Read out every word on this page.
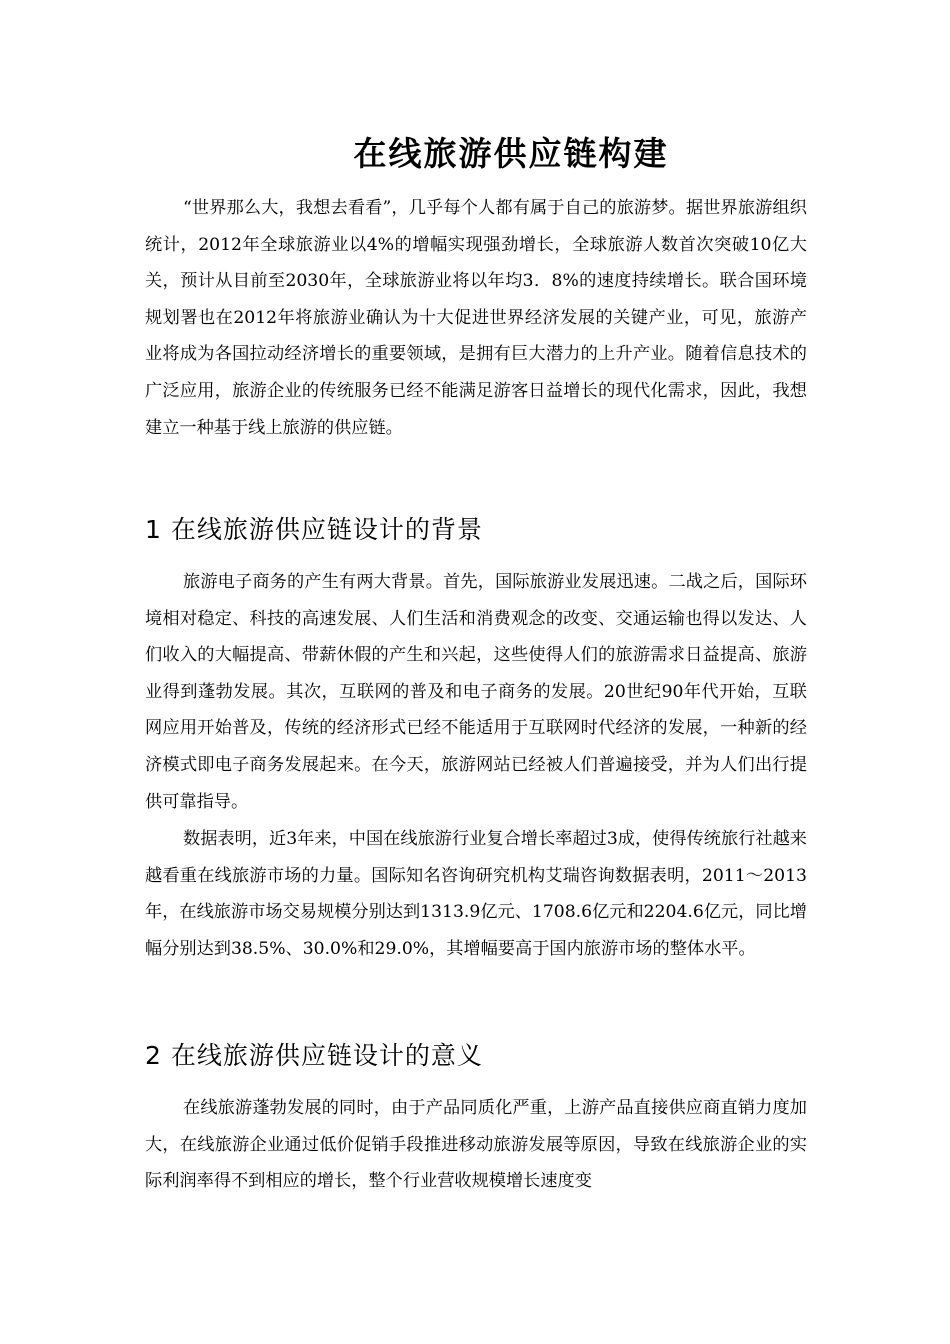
在线旅游供应链构建

“世界那么大，我想去看看”，几乎每个人都有属于自己的旅游梦。据世界旅游组织统计，2012年全球旅游业以4%的增幅实现强劲增长，全球旅游人数首次突破10亿大关，预计从目前至2030年，全球旅游业将以年均3．8%的速度持续增长。联合国环境规划署也在2012年将旅游业确认为十大促进世界经济发展的关键产业，可见，旅游产业将成为各国拉动经济增长的重要领域，是拥有巨大潜力的上升产业。随着信息技术的广泛应用，旅游企业的传统服务已经不能满足游客日益增长的现代化需求，因此，我想建立一种基于线上旅游的供应链。

1 在线旅游供应链设计的背景

旅游电子商务的产生有两大背景。首先，国际旅游业发展迅速。二战之后，国际环境相对稳定、科技的高速发展、人们生活和消费观念的改变、交通运输也得以发达、人们收入的大幅提高、带薪休假的产生和兴起，这些使得人们的旅游需求日益提高、旅游业得到蓬勃发展。其次，互联网的普及和电子商务的发展。20世纪90年代开始，互联网应用开始普及，传统的经济形式已经不能适用于互联网时代经济的发展，一种新的经济模式即电子商务发展起来。在今天，旅游网站已经被人们普遍接受，并为人们出行提供可靠指导。

数据表明，近3年来，中国在线旅游行业复合增长率超过3成，使得传统旅行社越来越看重在线旅游市场的力量。国际知名咨询研究机构艾瑞咨询数据表明，2011～2013年，在线旅游市场交易规模分别达到1313.9亿元、1708.6亿元和2204.6亿元，同比增幅分别达到38.5%、30.0%和29.0%，其增幅要高于国内旅游市场的整体水平。

2 在线旅游供应链设计的意义

在线旅游蓬勃发展的同时，由于产品同质化严重，上游产品直接供应商直销力度加大，在线旅游企业通过低价促销手段推进移动旅游发展等原因，导致在线旅游企业的实际利润率得不到相应的增长，整个行业营收规模增长速度变
